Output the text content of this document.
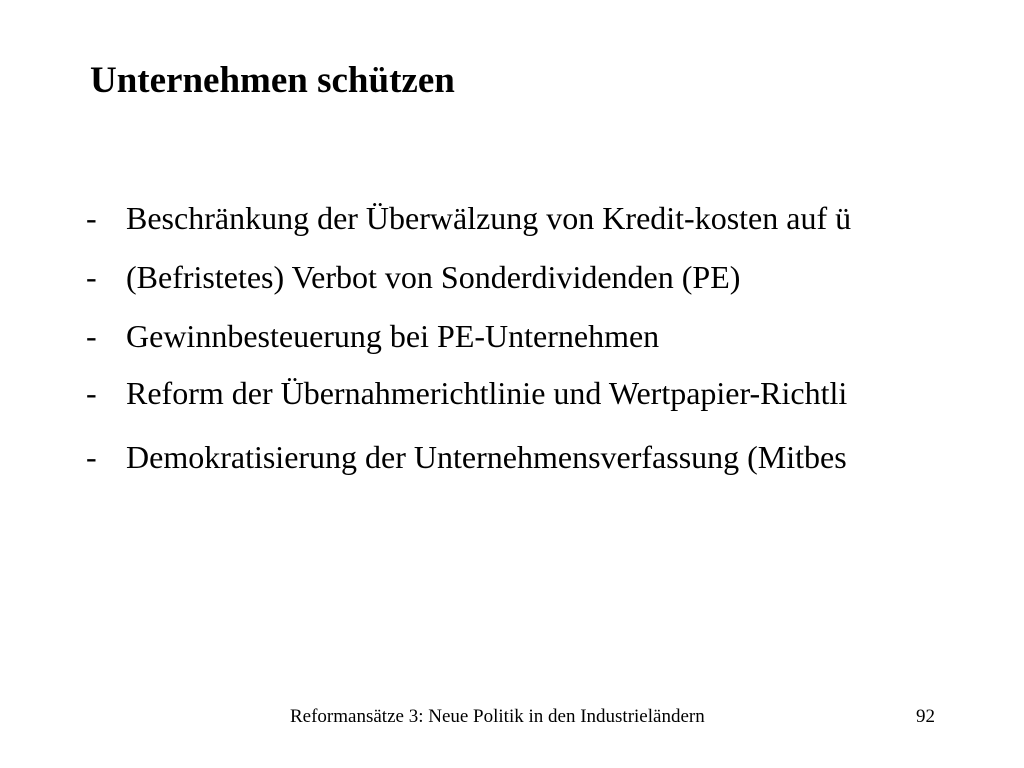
Unternehmen schützen
- Beschränkung der Überwälzung von Kredit-kosten auf ü
- (Befristetes) Verbot von Sonderdividenden (PE)
- Gewinnbesteuerung bei PE-Unternehmen
- Reform der Übernahmerichtlinie und Wertpapier-Richtli
- Demokratisierung der Unternehmensverfassung (Mitbes
Reformansätze 3: Neue Politik in den Industrieländern	92
